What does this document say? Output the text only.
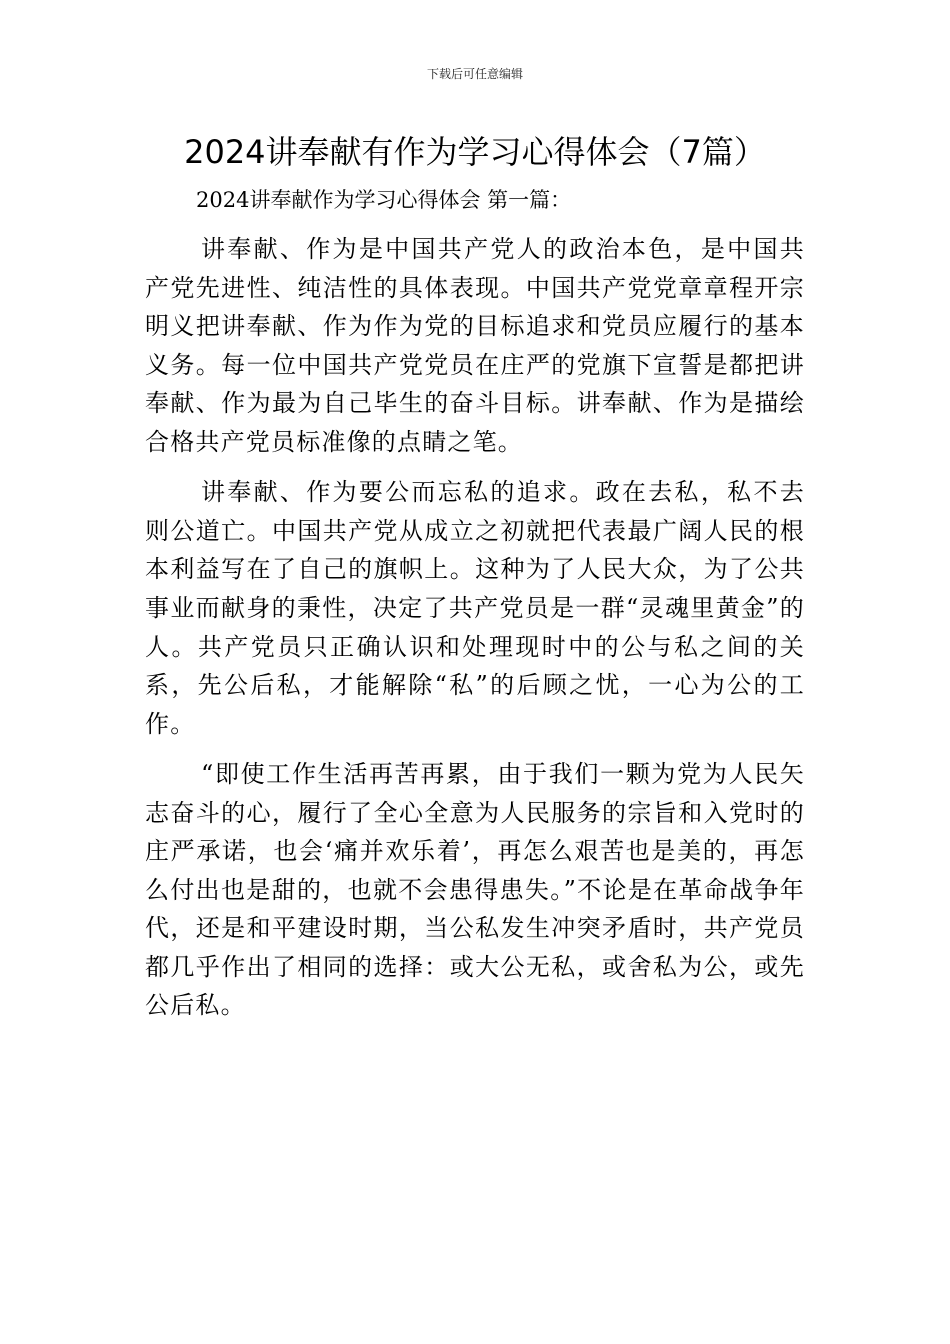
下载后可任意编辑
2024讲奉献有作为学习心得体会（7篇）
2024讲奉献作为学习心得体会 第一篇：

讲奉献、作为是中国共产党人的政治本色，是中国共产党先进性、纯洁性的具体表现。中国共产党党章章程开宗明义把讲奉献、作为作为党的目标追求和党员应履行的基本义务。每一位中国共产党党员在庄严的党旗下宣誓是都把讲奉献、作为最为自己毕生的奋斗目标。讲奉献、作为是描绘合格共产党员标准像的点睛之笔。

讲奉献、作为要公而忘私的追求。政在去私，私不去则公道亡。中国共产党从成立之初就把代表最广阔人民的根本利益写在了自己的旗帜上。这种为了人民大众，为了公共事业而献身的秉性，决定了共产党员是一群“灵魂里黄金”的人。共产党员只正确认识和处理现时中的公与私之间的关系，先公后私，才能解除“私”的后顾之忧，一心为公的工作。

“即使工作生活再苦再累，由于我们一颗为党为人民矢志奋斗的心，履行了全心全意为人民服务的宗旨和入党时的庄严承诺，也会‘痛并欢乐着’，再怎么艰苦也是美的，再怎么付出也是甜的，也就不会患得患失。”不论是在革命战争年代，还是和平建设时期，当公私发生冲突矛盾时，共产党员都几乎作出了相同的选择：或大公无私，或舍私为公，或先公后私。
